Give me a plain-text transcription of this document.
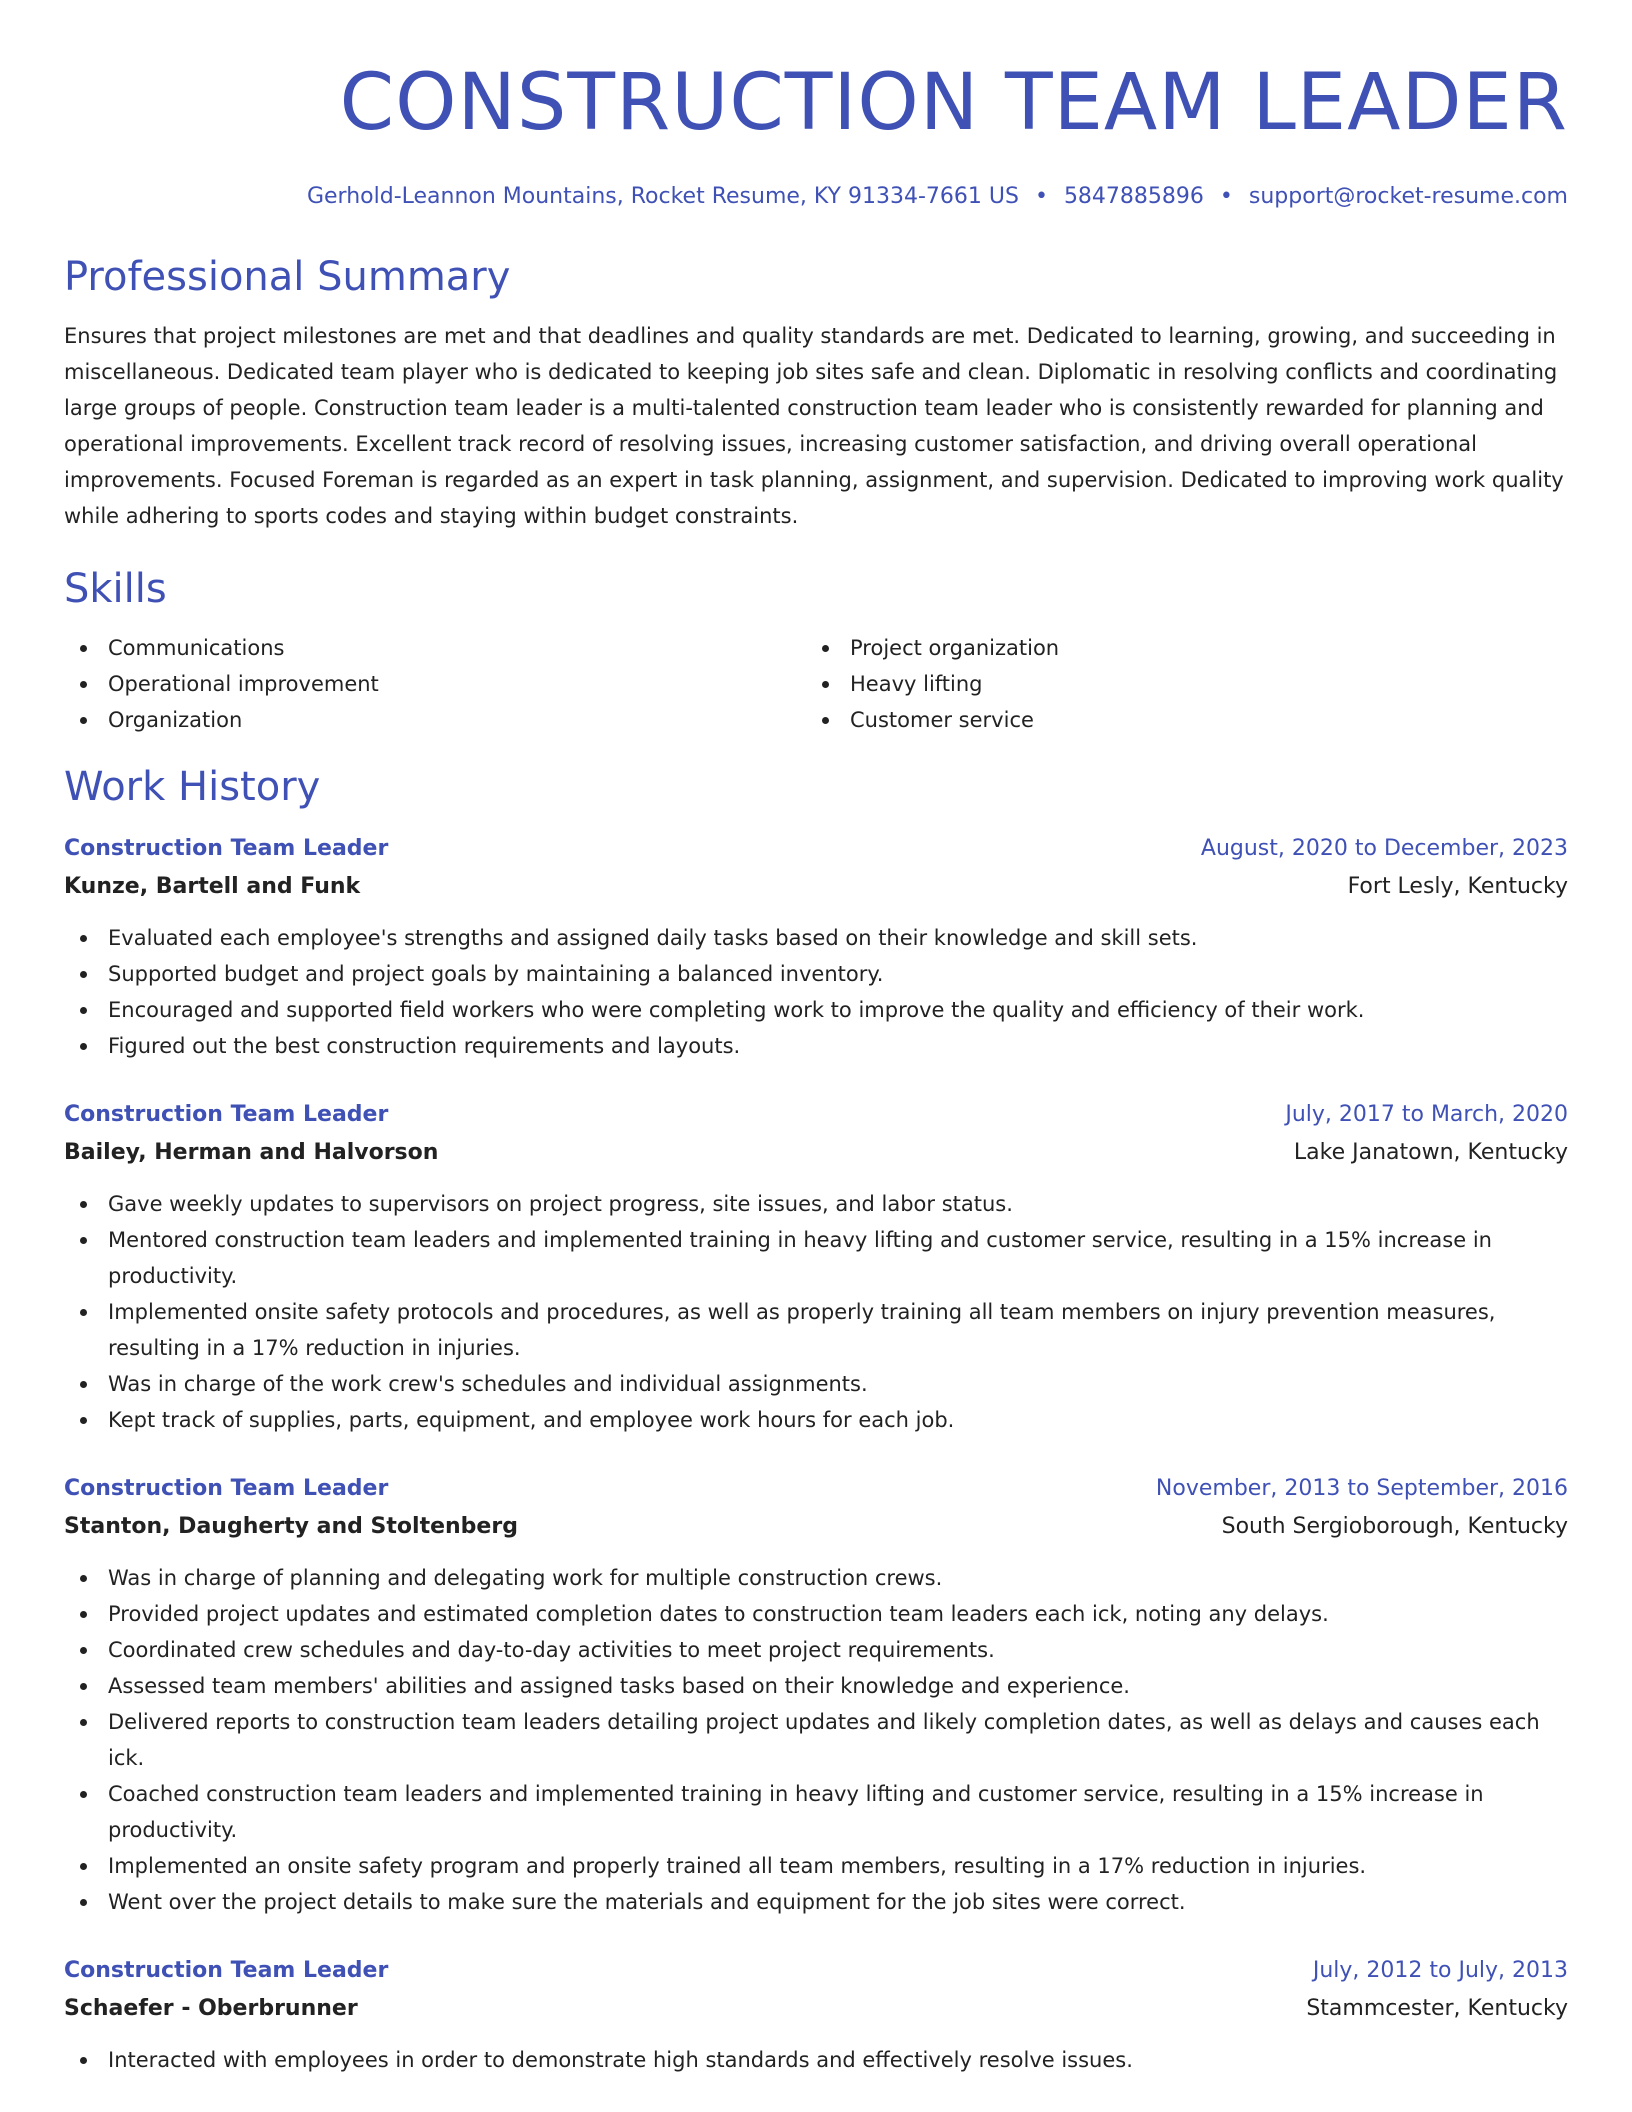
CONSTRUCTION TEAM LEADER
Gerhold-Leannon Mountains, Rocket Resume, KY 91334-7661 US • 5847885896 • support@rocket-resume.com
Professional Summary
Ensures that project milestones are met and that deadlines and quality standards are met. Dedicated to learning, growing, and succeeding in miscellaneous. Dedicated team player who is dedicated to keeping job sites safe and clean. Diplomatic in resolving conflicts and coordinating large groups of people. Construction team leader is a multi-talented construction team leader who is consistently rewarded for planning and operational improvements. Excellent track record of resolving issues, increasing customer satisfaction, and driving overall operational improvements. Focused Foreman is regarded as an expert in task planning, assignment, and supervision. Dedicated to improving work quality while adhering to sports codes and staying within budget constraints.
Skills
Communications
Operational improvement
Organization
Project organization
Heavy lifting
Customer service
Work History
Construction Team Leader	August, 2020 to December, 2023
Kunze, Bartell and Funk	Fort Lesly, Kentucky
Evaluated each employee's strengths and assigned daily tasks based on their knowledge and skill sets.
Supported budget and project goals by maintaining a balanced inventory.
Encouraged and supported field workers who were completing work to improve the quality and efficiency of their work.
Figured out the best construction requirements and layouts.
Construction Team Leader	July, 2017 to March, 2020
Bailey, Herman and Halvorson	Lake Janatown, Kentucky
Gave weekly updates to supervisors on project progress, site issues, and labor status.
Mentored construction team leaders and implemented training in heavy lifting and customer service, resulting in a 15% increase in productivity.
Implemented onsite safety protocols and procedures, as well as properly training all team members on injury prevention measures, resulting in a 17% reduction in injuries.
Was in charge of the work crew's schedules and individual assignments.
Kept track of supplies, parts, equipment, and employee work hours for each job.
Construction Team Leader	November, 2013 to September, 2016
Stanton, Daugherty and Stoltenberg	South Sergioborough, Kentucky
Was in charge of planning and delegating work for multiple construction crews.
Provided project updates and estimated completion dates to construction team leaders each ick, noting any delays.
Coordinated crew schedules and day-to-day activities to meet project requirements.
Assessed team members' abilities and assigned tasks based on their knowledge and experience.
Delivered reports to construction team leaders detailing project updates and likely completion dates, as well as delays and causes each ick.
Coached construction team leaders and implemented training in heavy lifting and customer service, resulting in a 15% increase in productivity.
Implemented an onsite safety program and properly trained all team members, resulting in a 17% reduction in injuries.
Went over the project details to make sure the materials and equipment for the job sites were correct.
Construction Team Leader	July, 2012 to July, 2013
Schaefer - Oberbrunner	Stammcester, Kentucky
Interacted with employees in order to demonstrate high standards and effectively resolve issues.
